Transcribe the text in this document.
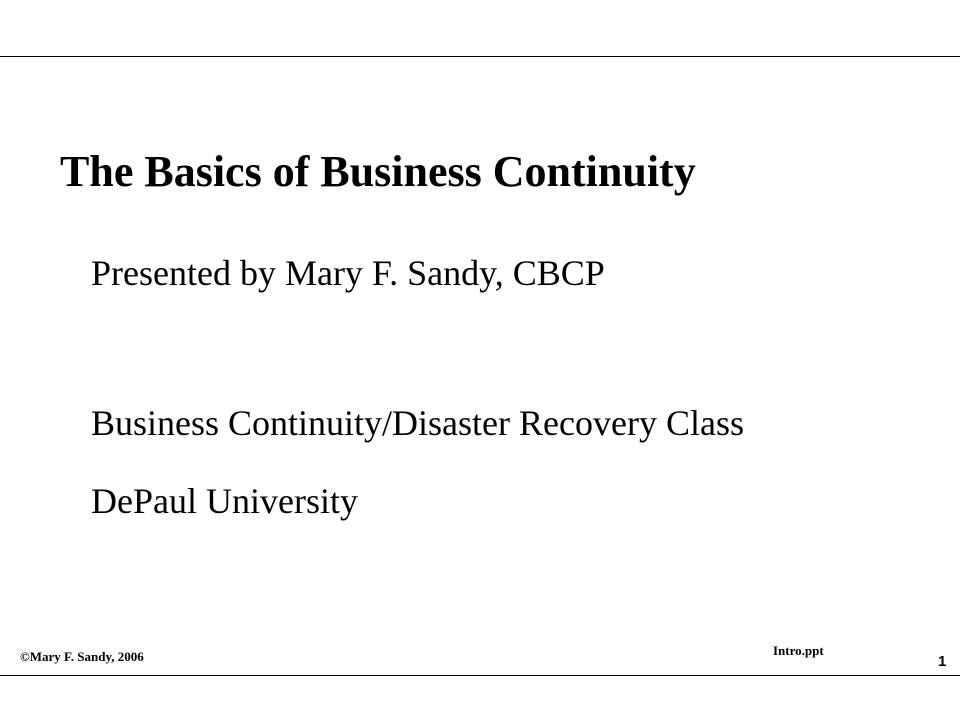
The Basics of Business Continuity
Presented by Mary F. Sandy, CBCP
Business Continuity/Disaster Recovery Class
DePaul University
©Mary F. Sandy, 2006	Intro.ppt
1
